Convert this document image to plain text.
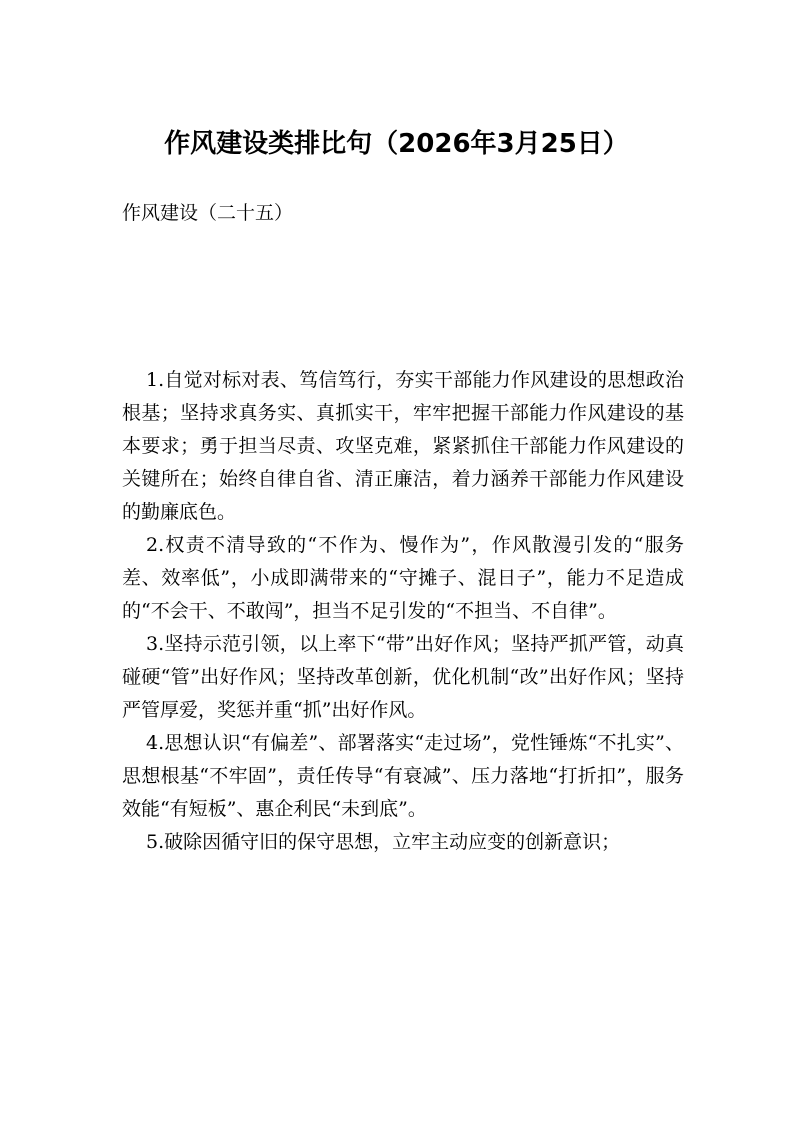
作风建设类排比句（2026年3月25日）
作风建设（二十五）

1.自觉对标对表、笃信笃行，夯实干部能力作风建设的思想政治根基；坚持求真务实、真抓实干，牢牢把握干部能力作风建设的基本要求；勇于担当尽责、攻坚克难，紧紧抓住干部能力作风建设的关键所在；始终自律自省、清正廉洁，着力涵养干部能力作风建设的勤廉底色。

2.权责不清导致的“不作为、慢作为”，作风散漫引发的“服务差、效率低”，小成即满带来的“守摊子、混日子”，能力不足造成的“不会干、不敢闯”，担当不足引发的“不担当、不自律”。

3.坚持示范引领，以上率下“带”出好作风；坚持严抓严管，动真碰硬“管”出好作风；坚持改革创新，优化机制“改”出好作风；坚持严管厚爱，奖惩并重“抓”出好作风。

4.思想认识“有偏差”、部署落实“走过场”，党性锤炼“不扎实”、思想根基“不牢固”，责任传导“有衰减”、压力落地“打折扣”，服务效能“有短板”、惠企利民“未到底”。

5.破除因循守旧的保守思想，立牢主动应变的创新意识；
